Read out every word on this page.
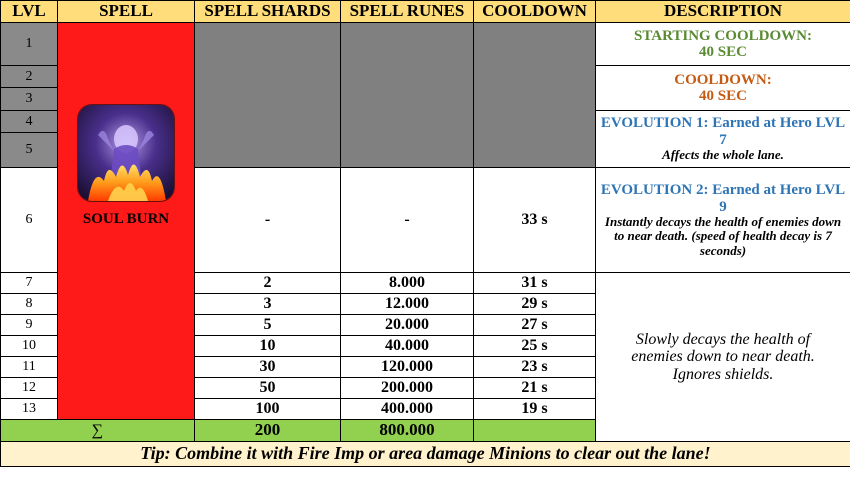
LVL	SPELL	SPELL SHARDS	SPELL RUNES	COOLDOWN	DESCRIPTION
1	SOUL BURN				STARTING COOLDOWN:
40 SEC

2					COOLDOWN:
40 SEC

3					
4					EVOLUTION 1: Earned at Hero LVL 7
Affects the whole lane.

5					
6		-	-	33 s	EVOLUTION 2: Earned at Hero LVL 9
Instantly decays the health of enemies down to near death. (speed of health decay is 7 seconds)

7		2	8.000	31 s	Slowly decays the health of enemies down to near death. Ignores shields.
8		3	12.000	29 s	
9		5	20.000	27 s	
10		10	40.000	25 s	
11		30	120.000	23 s	
12		50	200.000	21 s	
13		100	400.000	19 s	
∑		200	800.000		
Tip: Combine it with Fire Imp or area damage Minions to clear out the lane!					
